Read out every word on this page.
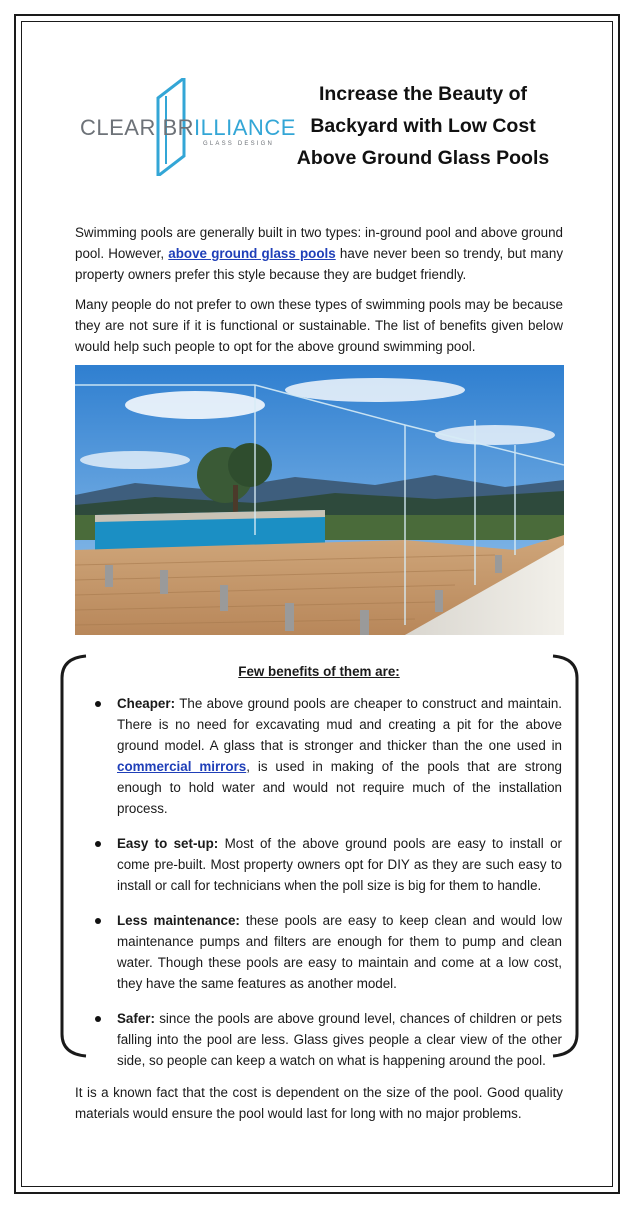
CLEAR BRILLIANCE
GLASS DESIGN
Increase the Beauty of
Backyard with Low Cost
Above Ground Glass Pools
Swimming pools are generally built in two types: in-ground pool and above ground pool. However, above ground glass pools have never been so trendy, but many property owners prefer this style because they are budget friendly.
Many people do not prefer to own these types of swimming pools may be because they are not sure if it is functional or sustainable. The list of benefits given below would help such people to opt for the above ground swimming pool.
Few benefits of them are:
Cheaper: The above ground pools are cheaper to construct and maintain. There is no need for excavating mud and creating a pit for the above ground model. A glass that is stronger and thicker than the one used in commercial mirrors, is used in making of the pools that are strong enough to hold water and would not require much of the installation process.
Easy to set-up: Most of the above ground pools are easy to install or come pre-built. Most property owners opt for DIY as they are such easy to install or call for technicians when the poll size is big for them to handle.
Less maintenance: these pools are easy to keep clean and would low maintenance pumps and filters are enough for them to pump and clean water. Though these pools are easy to maintain and come at a low cost, they have the same features as another model.
Safer: since the pools are above ground level, chances of children or pets falling into the pool are less. Glass gives people a clear view of the other side, so people can keep a watch on what is happening around the pool.
It is a known fact that the cost is dependent on the size of the pool. Good quality materials would ensure the pool would last for long with no major problems.
